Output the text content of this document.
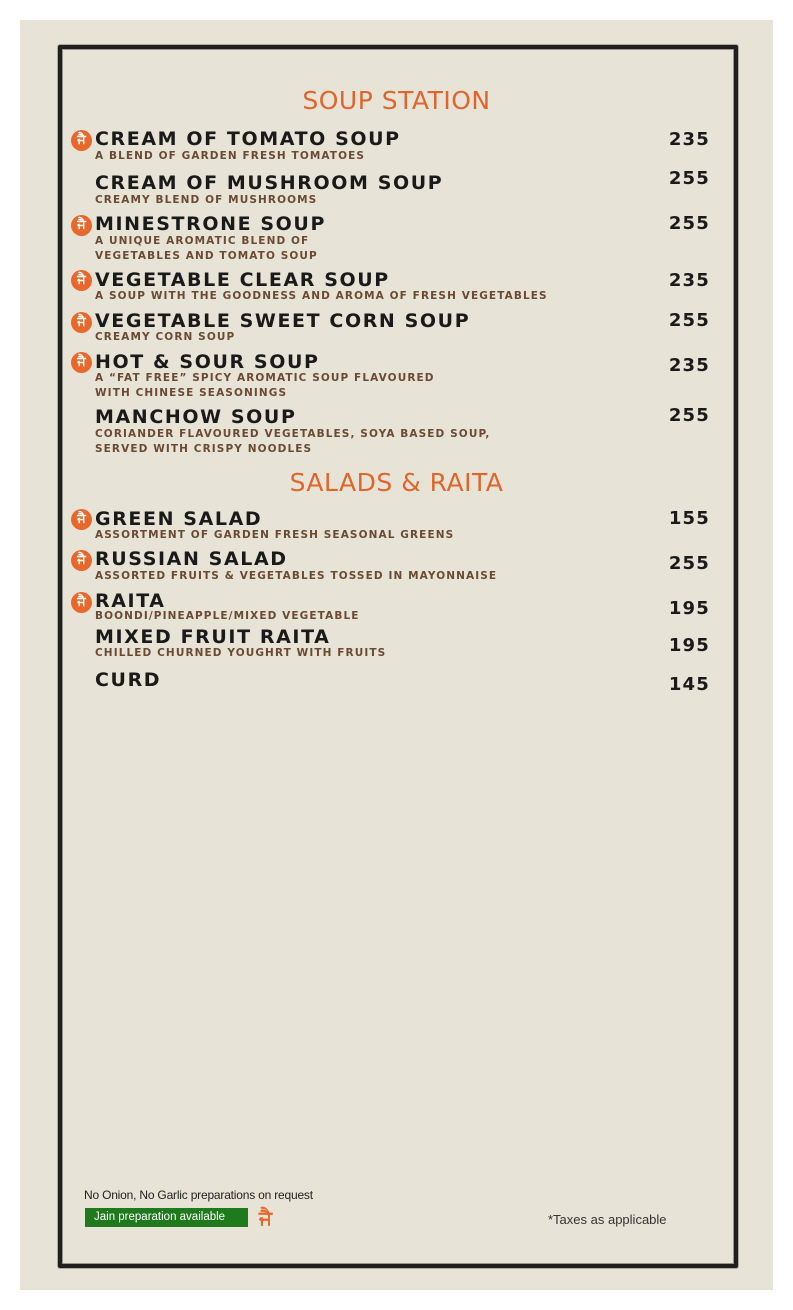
SOUP STATION
ਜੈ CREAM OF TOMATO SOUP
A BLEND OF GARDEN FRESH TOMATOES
235
CREAM OF MUSHROOM SOUP
CREAMY BLEND OF MUSHROOMS
255
ਜੈ MINESTRONE SOUP
A UNIQUE AROMATIC BLEND OF
VEGETABLES AND TOMATO SOUP
255
ਜੈ VEGETABLE CLEAR SOUP
A SOUP WITH THE GOODNESS AND AROMA OF FRESH VEGETABLES
235
ਜੈ VEGETABLE SWEET CORN SOUP
CREAMY CORN SOUP
255
ਜੈ HOT & SOUR SOUP
A “FAT FREE” SPICY AROMATIC SOUP FLAVOURED
WITH CHINESE SEASONINGS
235
MANCHOW SOUP
CORIANDER FLAVOURED VEGETABLES, SOYA BASED SOUP,
SERVED WITH CRISPY NOODLES
255
SALADS & RAITA
ਜੈ GREEN SALAD
ASSORTMENT OF GARDEN FRESH SEASONAL GREENS
155
ਜੈ RUSSIAN SALAD
ASSORTED FRUITS & VEGETABLES TOSSED IN MAYONNAISE
255
ਜੈ RAITA
BOONDI/PINEAPPLE/MIXED VEGETABLE	195
MIXED FRUIT RAITA
CHILLED CHURNED YOUGHRT WITH FRUITS	195
CURD	145
No Onion, No Garlic preparations on request
Jain preparation available	ਜੈ	*Taxes as applicable
